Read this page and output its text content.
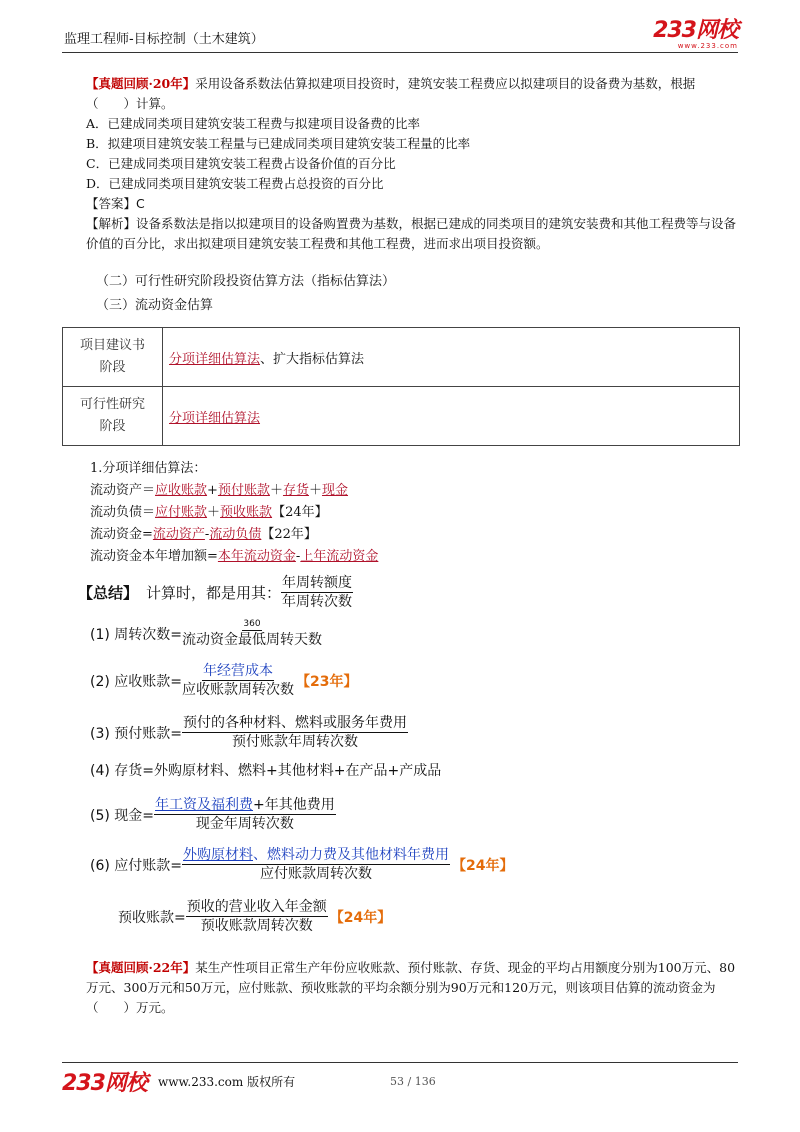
监理工程师-目标控制（土木建筑）	233网校
www.233.com
【真题回顾·20年】采用设备系数法估算拟建项目投资时，建筑安装工程费应以拟建项目的设备费为基数，根据（　　）计算。
A．已建成同类项目建筑安装工程费与拟建项目设备费的比率
B．拟建项目建筑安装工程量与已建成同类项目建筑安装工程量的比率
C．已建成同类项目建筑安装工程费占设备价值的百分比
D．已建成同类项目建筑安装工程费占总投资的百分比
【答案】C
【解析】设备系数法是指以拟建项目的设备购置费为基数，根据已建成的同类项目的建筑安装费和其他工程费等与设备价值的百分比，求出拟建项目建筑安装工程费和其他工程费，进而求出项目投资额。
（二）可行性研究阶段投资估算方法（指标估算法）
（三）流动资金估算
项目建议书
阶段	分项详细估算法、扩大指标估算法

可行性研究
阶段	分项详细估算法
1.分项详细估算法：
流动资产＝应收账款+预付账款＋存货＋现金
流动负债＝应付账款＋预收账款【24年】
流动资金=流动资产-流动负债【22年】
流动资金本年增加额=本年流动资金-上年流动资金
【总结】 计算时，都是用其： $\frac{\text{年周转额度}}{\text{年周转次数}}$
(1) 周转次数= $\frac{360}{\text{流动资金最低周转天数}}$
(2) 应收账款= $\frac{\text{年经营成本}}{\text{应收账款周转次数}}$ 【23年】
(3) 预付账款= $\frac{\text{预付的各种材料、燃料或服务年费用}}{\text{预付账款年周转次数}}$
(4) 存货=外购原材料、燃料+其他材料+在产品+产成品
(5) 现金= $\frac{\text{年工资及福利费+年其他费用}}{\text{现金年周转次数}}$
(6) 应付账款= $\frac{\text{外购原材料、燃料动力费及其他材料年费用}}{\text{应付账款周转次数}}$ 【24年】
预收账款= $\frac{\text{预收的营业收入年金额}}{\text{预收账款周转次数}}$ 【24年】
【真题回顾·22年】某生产性项目正常生产年份应收账款、预付账款、存货、现金的平均占用额度分别为100万元、80万元、300万元和50万元，应付账款、预收账款的平均余额分别为90万元和120万元，则该项目估算的流动资金为（　　）万元。
233网校 www.233.com 版权所有	53 / 136
